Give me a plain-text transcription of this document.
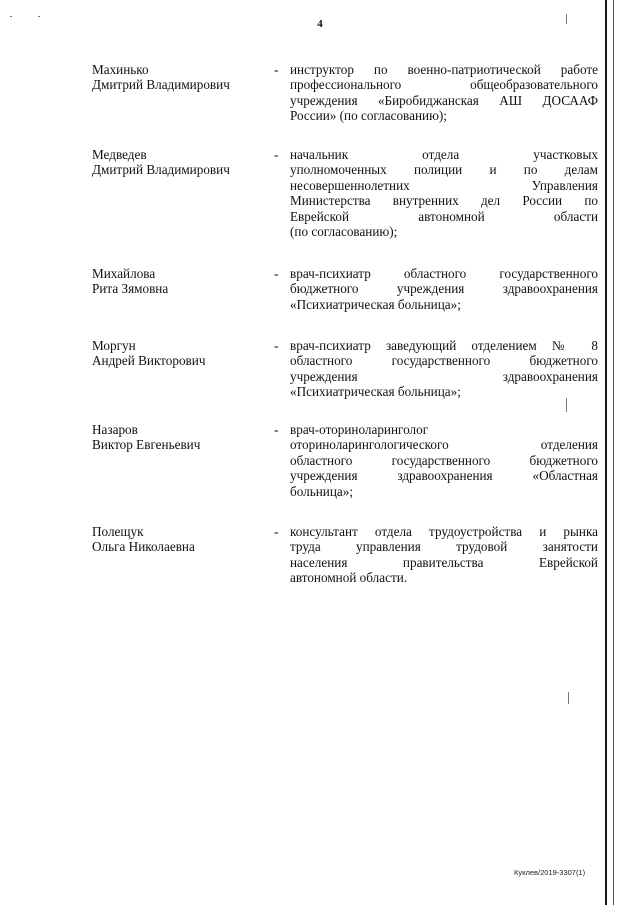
4
Махинько
Дмитрий Владимирович
- инструктор по военно-патриотической работе
профессионального общеобразовательного
учреждения «Биробиджанская АШ ДОСААФ
России» (по согласованию);
Медведев
Дмитрий Владимирович
- начальник отдела участковых
уполномоченных полиции и по делам
несовершеннолетних Управления
Министерства внутренних дел России по
Еврейской автономной области
(по согласованию);
Михайлова
Рита Зямовна
- врач-психиатр областного государственного
бюджетного учреждения здравоохранения
«Психиатрическая больница»;
Моргун
Андрей Викторович
- врач-психиатр заведующий отделением № 8
областного государственного бюджетного
учреждения здравоохранения
«Психиатрическая больница»;
Назаров
Виктор Евгеньевич
- врач-оториноларинголог
оториноларингологического отделения
областного государственного бюджетного
учреждения здравоохранения «Областная
больница»;
Полещук
Ольга Николаевна
- консультант отдела трудоустройства и рынка
труда управления трудовой занятости
населения правительства Еврейской
автономной области.
Куклев/2019-3307(1)
